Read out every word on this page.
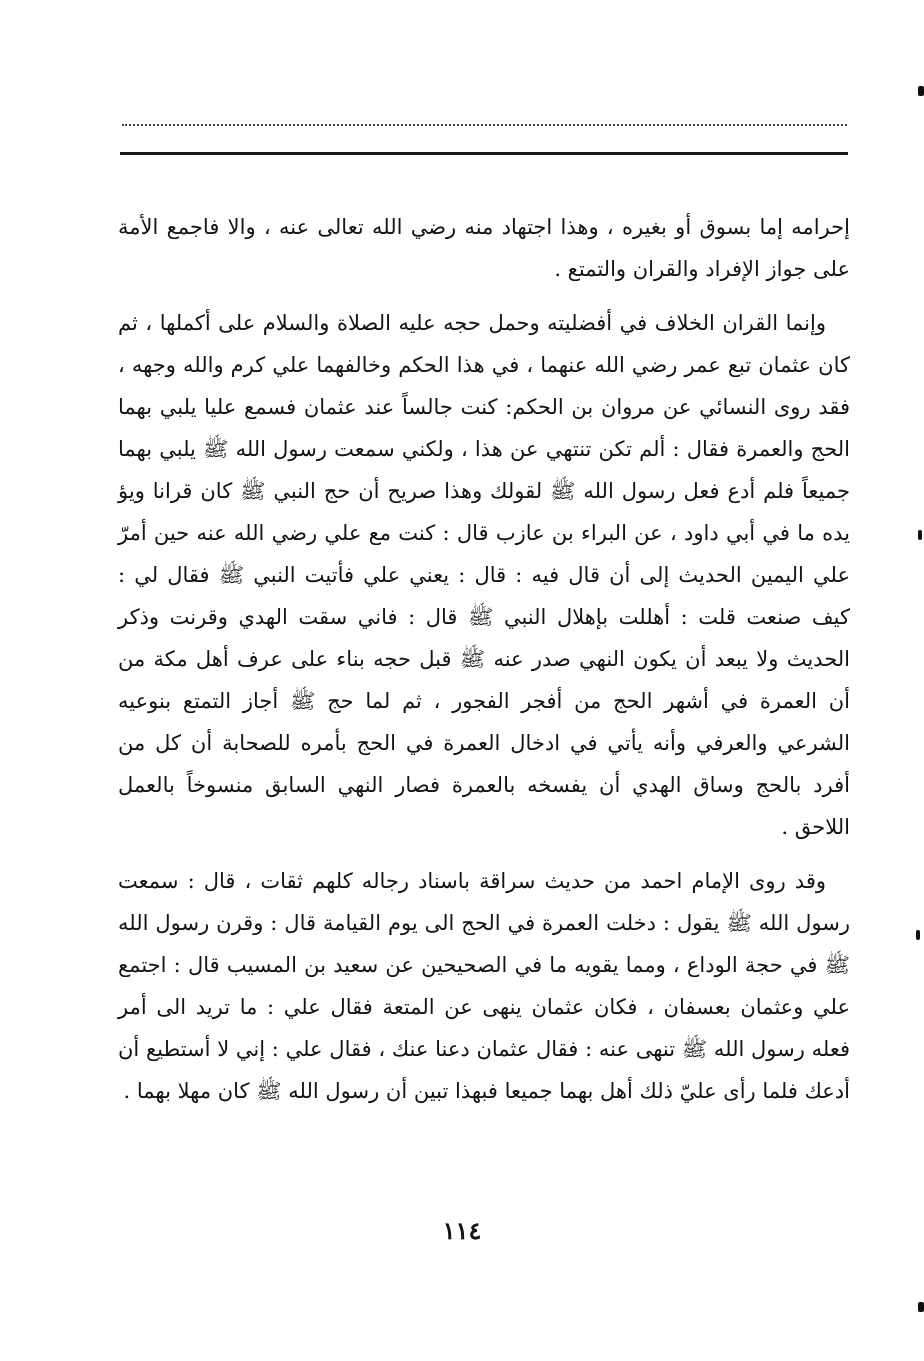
إحرامه إما بسوق أو بغيره ، وهذا اجتهاد منه رضي الله تعالى عنه ، والا فاجمع الأمة على جواز الإفراد والقران والتمتع .

وإنما القران الخلاف في أفضليته وحمل حجه عليه الصلاة والسلام على أكملها ، ثم كان عثمان تبع عمر رضي الله عنهما ، في هذا الحكم وخالفهما علي كرم والله وجهه ، فقد روى النسائي عن مروان بن الحكم: كنت جالساً عند عثمان فسمع عليا يلبي بهما الحج والعمرة فقال : ألم تكن تنتهي عن هذا ، ولكني سمعت رسول الله ﷺ يلبي بهما جميعاً فلم أدع فعل رسول الله ﷺ لقولك وهذا صريح أن حج النبي ﷺ كان قرانا ويؤ يده ما في أبي داود ، عن البراء بن عازب قال : كنت مع علي رضي الله عنه حين أمرّ علي اليمين الحديث إلى أن قال فيه : قال : يعني علي فأتيت النبي ﷺ فقال لي : كيف صنعت قلت : أهللت بإهلال النبي ﷺ قال : فاني سقت الهدي وقرنت وذكر الحديث ولا يبعد أن يكون النهي صدر عنه ﷺ قبل حجه بناء على عرف أهل مكة من أن العمرة في أشهر الحج من أفجر الفجور ، ثم لما حج ﷺ أجاز التمتع بنوعيه الشرعي والعرفي وأنه يأتي في ادخال العمرة في الحج بأمره للصحابة أن كل من أفرد بالحج وساق الهدي أن يفسخه بالعمرة فصار النهي السابق منسوخاً بالعمل اللاحق .

وقد روى الإمام احمد من حديث سراقة باسناد رجاله كلهم ثقات ، قال : سمعت رسول الله ﷺ يقول : دخلت العمرة في الحج الى يوم القيامة قال : وقرن رسول الله ﷺ في حجة الوداع ، ومما يقويه ما في الصحيحين عن سعيد بن المسيب قال : اجتمع علي وعثمان بعسفان ، فكان عثمان ينهى عن المتعة فقال علي : ما تريد الى أمر فعله رسول الله ﷺ تنهى عنه : فقال عثمان دعنا عنك ، فقال علي : إني لا أستطيع أن أدعك فلما رأى عليّ ذلك أهل بهما جميعا فبهذا تبين أن رسول الله ﷺ كان مهلا بهما .

١١٤
